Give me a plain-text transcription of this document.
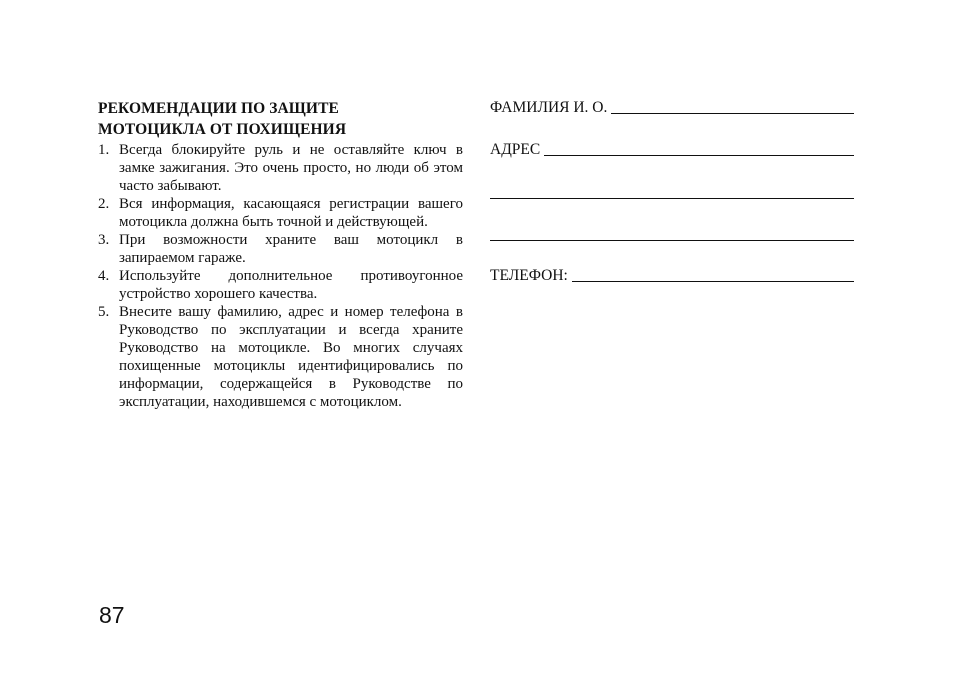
РЕКОМЕНДАЦИИ ПО ЗАЩИТЕ
МОТОЦИКЛА ОТ ПОХИЩЕНИЯ
1. Всегда блокируйте руль и не оставляйте ключ в замке зажигания. Это очень просто, но люди об этом часто забывают.
2. Вся информация, касающаяся регистрации вашего мотоцикла должна быть точной и действующей.
3. При возможности храните ваш мотоцикл в запираемом гараже.
4. Используйте дополнительное противоугонное устройство хорошего качества.
5. Внесите вашу фамилию, адрес и номер телефона в Руководство по эксплуатации и всегда храните Руководство на мотоцикле. Во многих случаях похищенные мотоциклы идентифицировались по информации, содержащейся в Руководстве по эксплуатации, находившемся с мотоциклом.
ФАМИЛИЯ И. О.
АДРЕС
ТЕЛЕФОН:
87
